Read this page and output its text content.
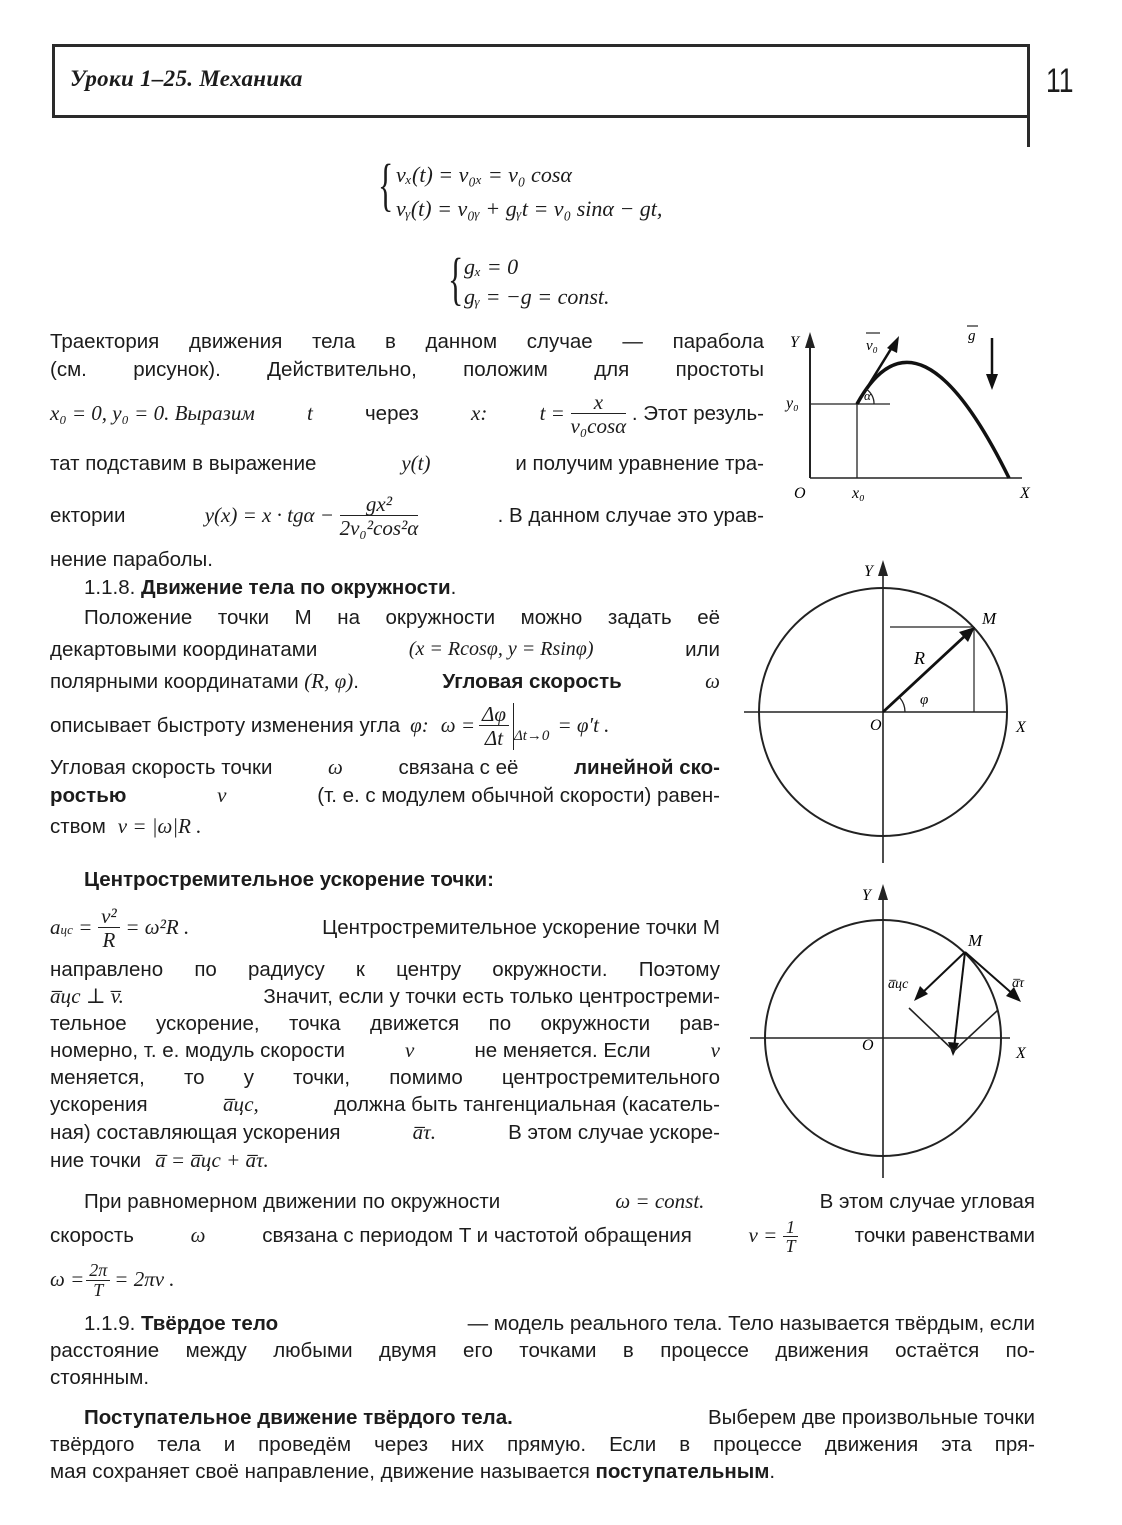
Уроки 1–25. Механика	11
{ vₓ(t) = v₀ₓ = v₀ cosα
vᵧ(t) = v₀ᵧ + gᵧt = v₀ sinα − gt,
{ gₓ = 0
gᵧ = −g = const.
Траектория движения тела в данном случае — парабола
(см. рисунок). Действительно, положим для простоты
x₀ = 0, y₀ = 0. Выразим t	через x: $t = \frac{x}{\text{v₀cosα}}$ . Этот резуль-
тат подставим в выражение	y(t)	и получим уравнение тра-
ектории	$y(x) = x \cdot tg\alpha - \frac{\text{gx²}}{\text{2v₀²cos²α}}$	. В данном случае это урав-
нение параболы.
Y	v₀
g
y₀	α
O	x₀	X
1.1.8. Движение тела по окружности.
Положение точки M на окружности можно задать её
декартовыми координатами	(x = Rcosφ, y = Rsinφ)	или
полярными координатами (R, φ).	Угловая скорость	ω
описывает быстроту изменения угла φ: $\omega = \frac{\Delta\varphi}{\Delta t} \Delta t\to 0 = \varphi't$ .
Угловая скорость точки	ω	связана с её	линейной ско-
ростью	v	(т. е. с модулем обычной скорости) равен-
ством v = |ω|R .
Y
M
R
φ
O	X
Центростремительное ускорение точки:
aцс = $\frac{\text{v²}}{R} = \omega^2R$ .	Центростремительное ускорение точки M
направлено по радиусу к центру окружности. Поэтому
a̅цс ⊥ v̅.	Значит, если у точки есть только центростреми-
тельное ускорение, точка движется по окружности рав-
номерно, т. е. модуль скорости	v	не меняется. Если	v
меняется, то у точки, помимо центростремительного
ускорения	a̅цс,	должна быть тангенциальная (касатель-
ная) составляющая ускорения	a̅τ.	В этом случае ускоре-
ние точки a̅ = a̅цс + a̅τ.
Y
M
a̅цс	a̅τ
O	X
При равномерном движении по окружности	ω = const.	В этом случае угловая
скорость	ω	связана с периодом T и частотой обращения	$\nu = \frac{1}{T}$	точки равенствами
$\omega = \frac{2\pi}{T} = 2\pi\nu$ .
1.1.9. Твёрдое тело	— модель реального тела. Тело называется твёрдым, если
расстояние между любыми двумя его точками в процессе движения остаётся по-
стоянным.
Поступательное движение твёрдого тела.	Выберем две произвольные точки
твёрдого тела и проведём через них прямую. Если в процессе движения эта пря-
мая сохраняет своё направление, движение называется поступательным.
